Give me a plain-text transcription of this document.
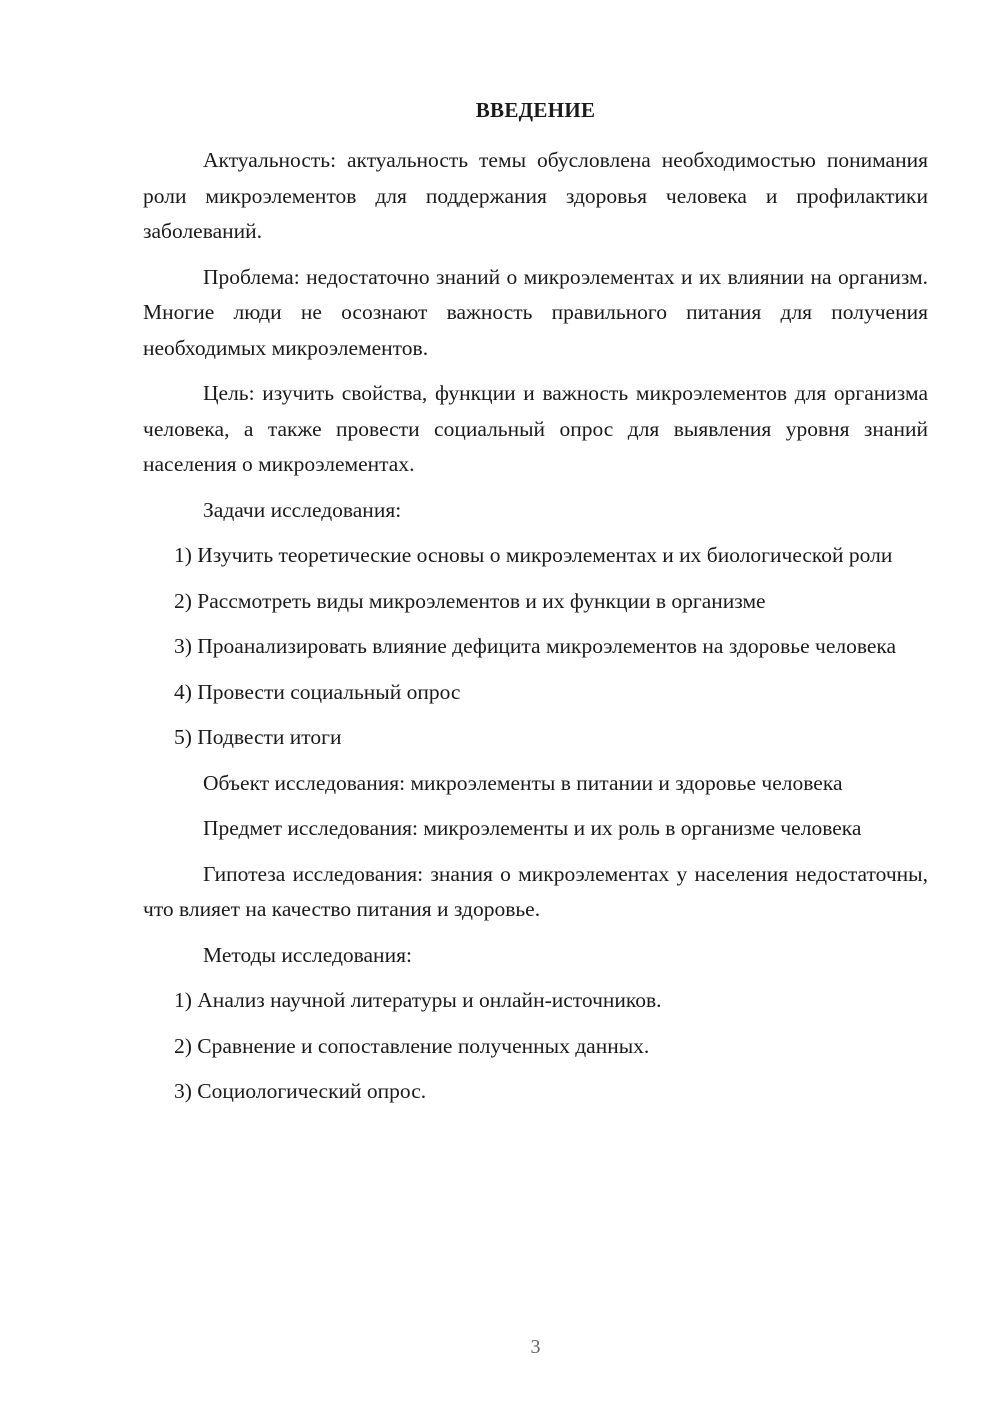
ВВЕДЕНИЕ

Актуальность: актуальность темы обусловлена необходимостью понимания роли микроэлементов для поддержания здоровья человека и профилактики заболеваний.

Проблема: недостаточно знаний о микроэлементах и их влиянии на организм. Многие люди не осознают важность правильного питания для получения необходимых микроэлементов.

Цель: изучить свойства, функции и важность микроэлементов для организма человека, а также провести социальный опрос для выявления уровня знаний населения о микроэлементах.

Задачи исследования:

1) Изучить теоретические основы о микроэлементах и их биологической роли

2) Рассмотреть виды микроэлементов и их функции в организме

3) Проанализировать влияние дефицита микроэлементов на здоровье человека

4) Провести социальный опрос

5) Подвести итоги

Объект исследования: микроэлементы в питании и здоровье человека

Предмет исследования: микроэлементы и их роль в организме человека

Гипотеза исследования: знания о микроэлементах у населения недостаточны, что влияет на качество питания и здоровье.

Методы исследования:

1) Анализ научной литературы и онлайн-источников.

2) Сравнение и сопоставление полученных данных.

3) Социологический опрос.

3
